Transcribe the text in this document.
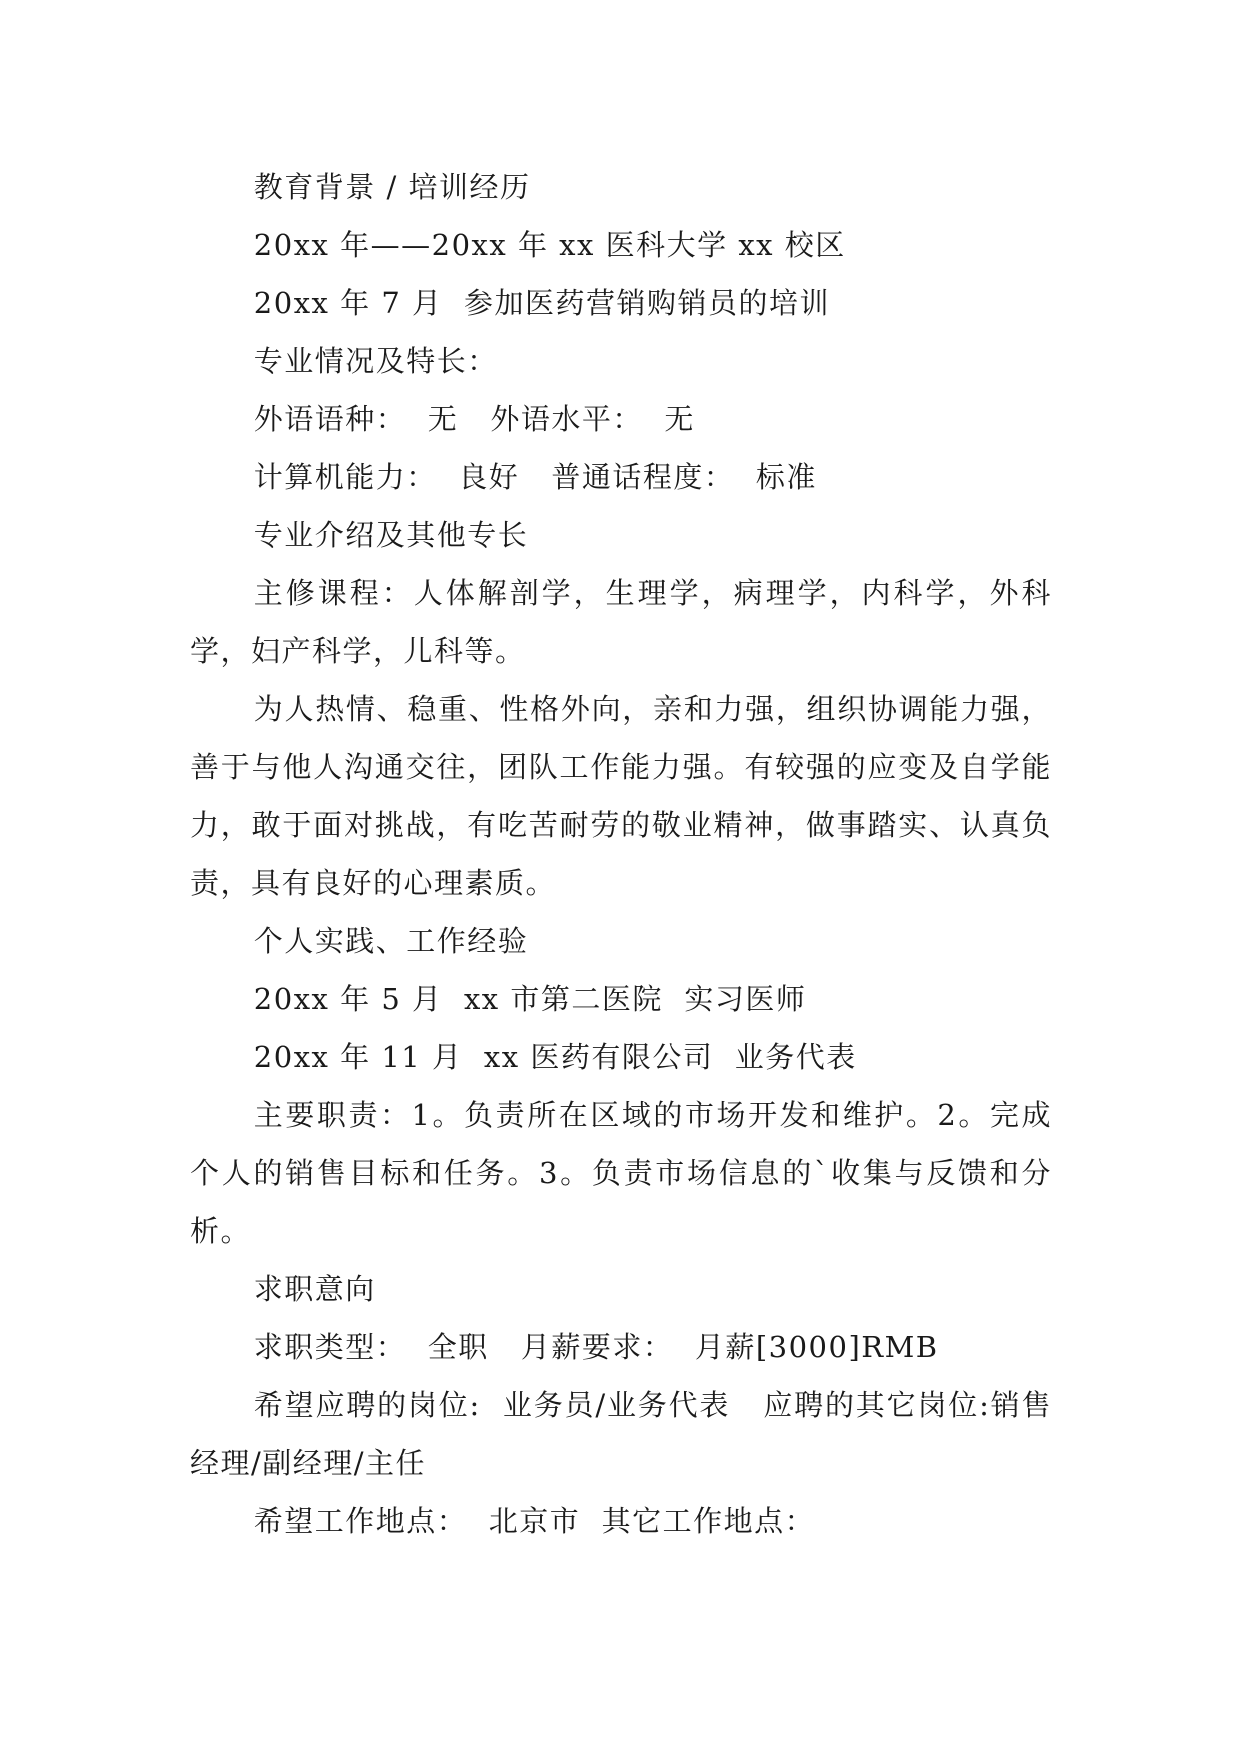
教育背景 / 培训经历

20xx 年——20xx 年 xx 医科大学 xx 校区

20xx 年 7 月  参加医药营销购销员的培训

专业情况及特长：

外语语种：  无   外语水平：  无

计算机能力：  良好   普通话程度：  标准

专业介绍及其他专长

主修课程：人体解剖学，生理学，病理学，内科学，外科学，妇产科学，儿科等。

为人热情、稳重、性格外向，亲和力强，组织协调能力强，善于与他人沟通交往，团队工作能力强。有较强的应变及自学能力，敢于面对挑战，有吃苦耐劳的敬业精神，做事踏实、认真负责，具有良好的心理素质。

个人实践、工作经验

20xx 年 5 月  xx 市第二医院  实习医师

20xx 年 11 月  xx 医药有限公司  业务代表

主要职责：1。负责所在区域的市场开发和维护。2。完成个人的销售目标和任务。3。负责市场信息的`收集与反馈和分析。

求职意向

求职类型：  全职   月薪要求：  月薪[3000]RMB

希望应聘的岗位:  业务员/业务代表   应聘的其它岗位:销售经理/副经理/主任

希望工作地点：  北京市  其它工作地点：
